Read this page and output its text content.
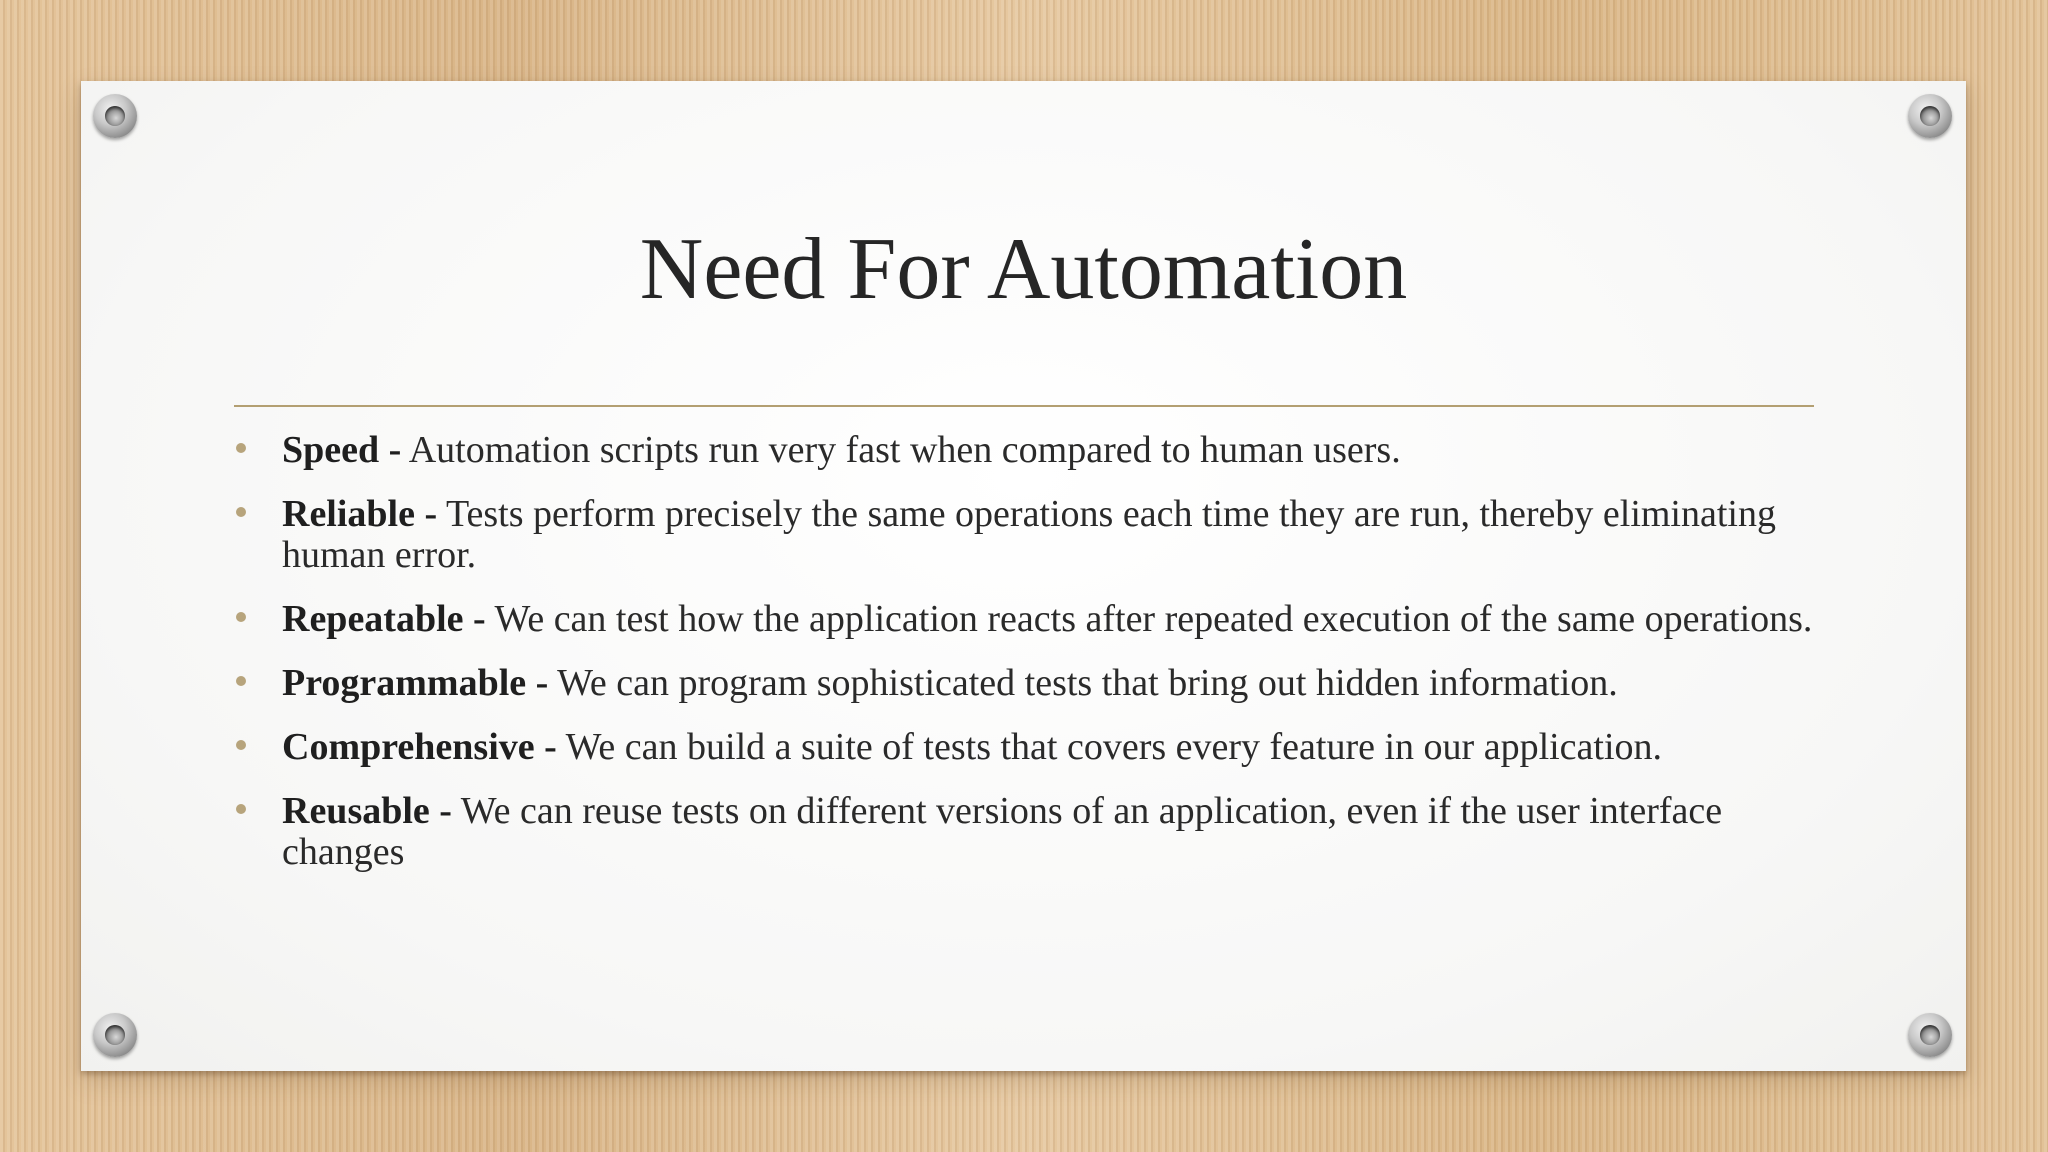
Need For Automation
Speed - Automation scripts run very fast when compared to human users.
Reliable - Tests perform precisely the same operations each time they are run, thereby eliminating human error.
Repeatable - We can test how the application reacts after repeated execution of the same operations.
Programmable - We can program sophisticated tests that bring out hidden information.
Comprehensive - We can build a suite of tests that covers every feature in our application.
Reusable - We can reuse tests on different versions of an application, even if the user interface changes
